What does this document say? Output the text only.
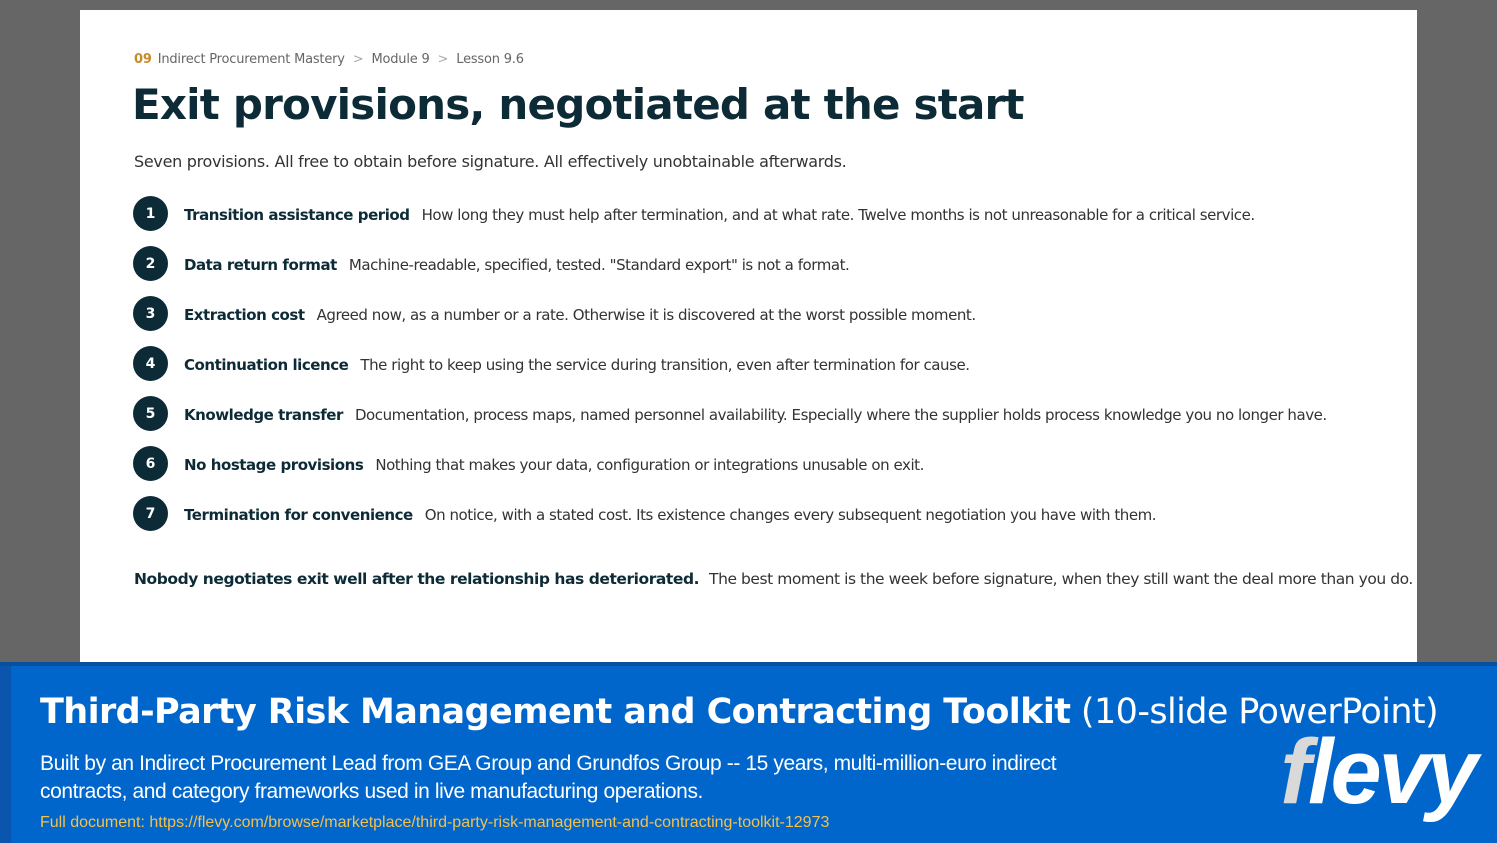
09 Indirect Procurement Mastery > Module 9 > Lesson 9.6
Exit provisions, negotiated at the start

Seven provisions. All free to obtain before signature. All effectively unobtainable afterwards.

1	Transition assistance period How long they must help after termination, and at what rate. Twelve months is not unreasonable for a critical service.
2	Data return format Machine-readable, specified, tested. "Standard export" is not a format.
3	Extraction cost Agreed now, as a number or a rate. Otherwise it is discovered at the worst possible moment.
4	Continuation licence The right to keep using the service during transition, even after termination for cause.
5	Knowledge transfer Documentation, process maps, named personnel availability. Especially where the supplier holds process knowledge you no longer have.
6	No hostage provisions Nothing that makes your data, configuration or integrations unusable on exit.
7	Termination for convenience On notice, with a stated cost. Its existence changes every subsequent negotiation you have with them.

Nobody negotiates exit well after the relationship has deteriorated. The best moment is the week before signature, when they still want the deal more than you do.

Third-Party Risk Management and Contracting Toolkit (10-slide PowerPoint)

Built by an Indirect Procurement Lead from GEA Group and Grundfos Group -- 15 years, multi-million-euro indirect contracts, and category frameworks used in live manufacturing operations.

Full document: https://flevy.com/browse/marketplace/third-party-risk-management-and-contracting-toolkit-12973	flevy
